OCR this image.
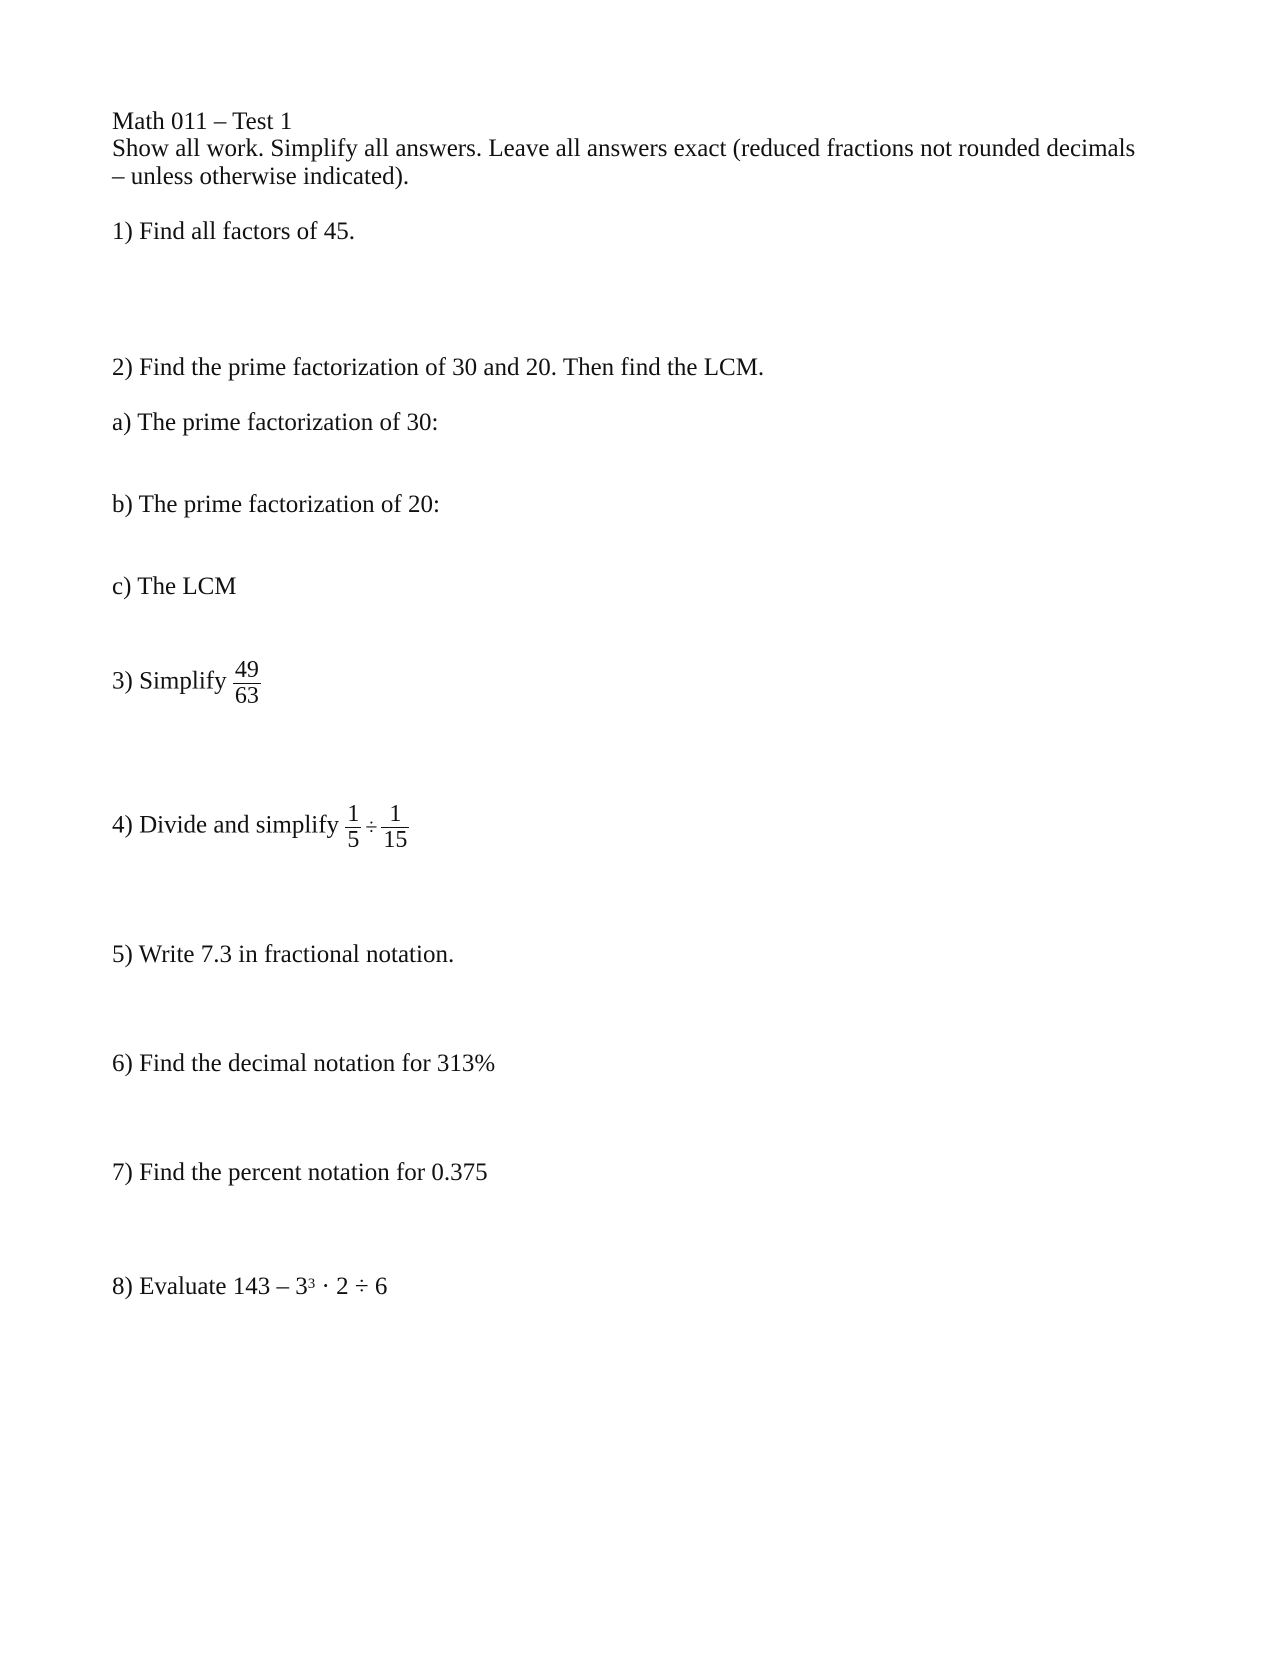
Math 011 – Test 1
Show all work. Simplify all answers. Leave all answers exact (reduced fractions not rounded decimals
– unless otherwise indicated).
1) Find all factors of 45.
2) Find the prime factorization of 30 and 20. Then find the LCM.
a) The prime factorization of 30:
b) The prime factorization of 20:
c) The LCM
3) Simplify $\frac{49}{63}$
4) Divide and simplify $\frac{1}{5} \div \frac{1}{15}$
5) Write 7.3 in fractional notation.
6) Find the decimal notation for 313%
7) Find the percent notation for 0.375
8) Evaluate $143 - 3^3 \cdot 2 \div 6$
